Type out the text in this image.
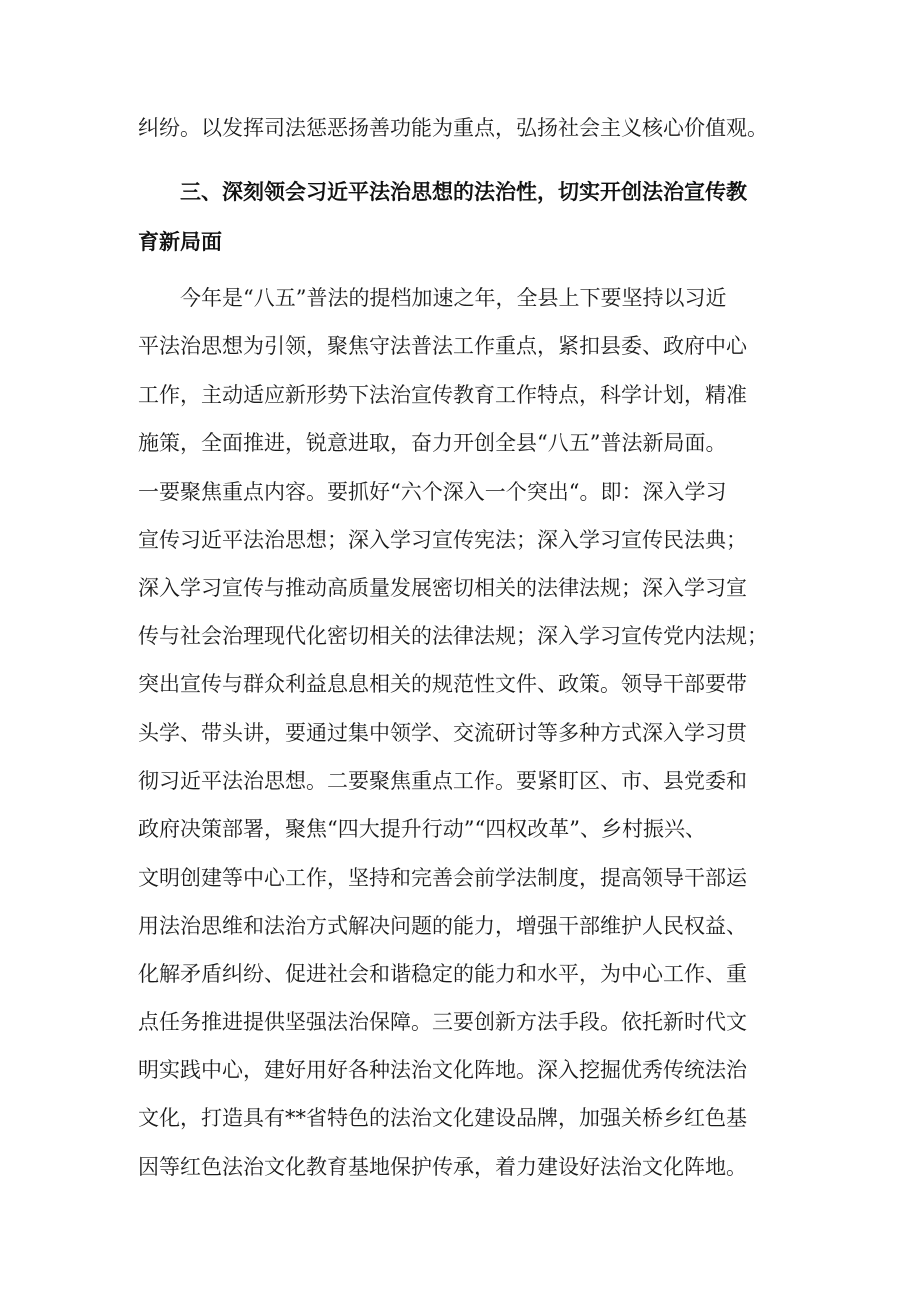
纠纷。以发挥司法惩恶扬善功能为重点，弘扬社会主义核心价值观。
三、深刻领会习近平法治思想的法治性，切实开创法治宣传教
育新局面
今年是“八五”普法的提档加速之年，全县上下要坚持以习近
平法治思想为引领，聚焦守法普法工作重点，紧扣县委、政府中心
工作，主动适应新形势下法治宣传教育工作特点，科学计划，精准
施策，全面推进，锐意进取，奋力开创全县“八五”普法新局面。
一要聚焦重点内容。要抓好“六个深入一个突出“。即：深入学习
宣传习近平法治思想；深入学习宣传宪法；深入学习宣传民法典；
深入学习宣传与推动高质量发展密切相关的法律法规；深入学习宣
传与社会治理现代化密切相关的法律法规；深入学习宣传党内法规；
突出宣传与群众利益息息相关的规范性文件、政策。领导干部要带
头学、带头讲，要通过集中领学、交流研讨等多种方式深入学习贯
彻习近平法治思想。二要聚焦重点工作。要紧盯区、市、县党委和
政府决策部署，聚焦“四大提升行动”“四权改革”、乡村振兴、
文明创建等中心工作，坚持和完善会前学法制度，提高领导干部运
用法治思维和法治方式解决问题的能力，增强干部维护人民权益、
化解矛盾纠纷、促进社会和谐稳定的能力和水平，为中心工作、重
点任务推进提供坚强法治保障。三要创新方法手段。依托新时代文
明实践中心，建好用好各种法治文化阵地。深入挖掘优秀传统法治
文化，打造具有**省特色的法治文化建设品牌，加强关桥乡红色基
因等红色法治文化教育基地保护传承，着力建设好法治文化阵地。
